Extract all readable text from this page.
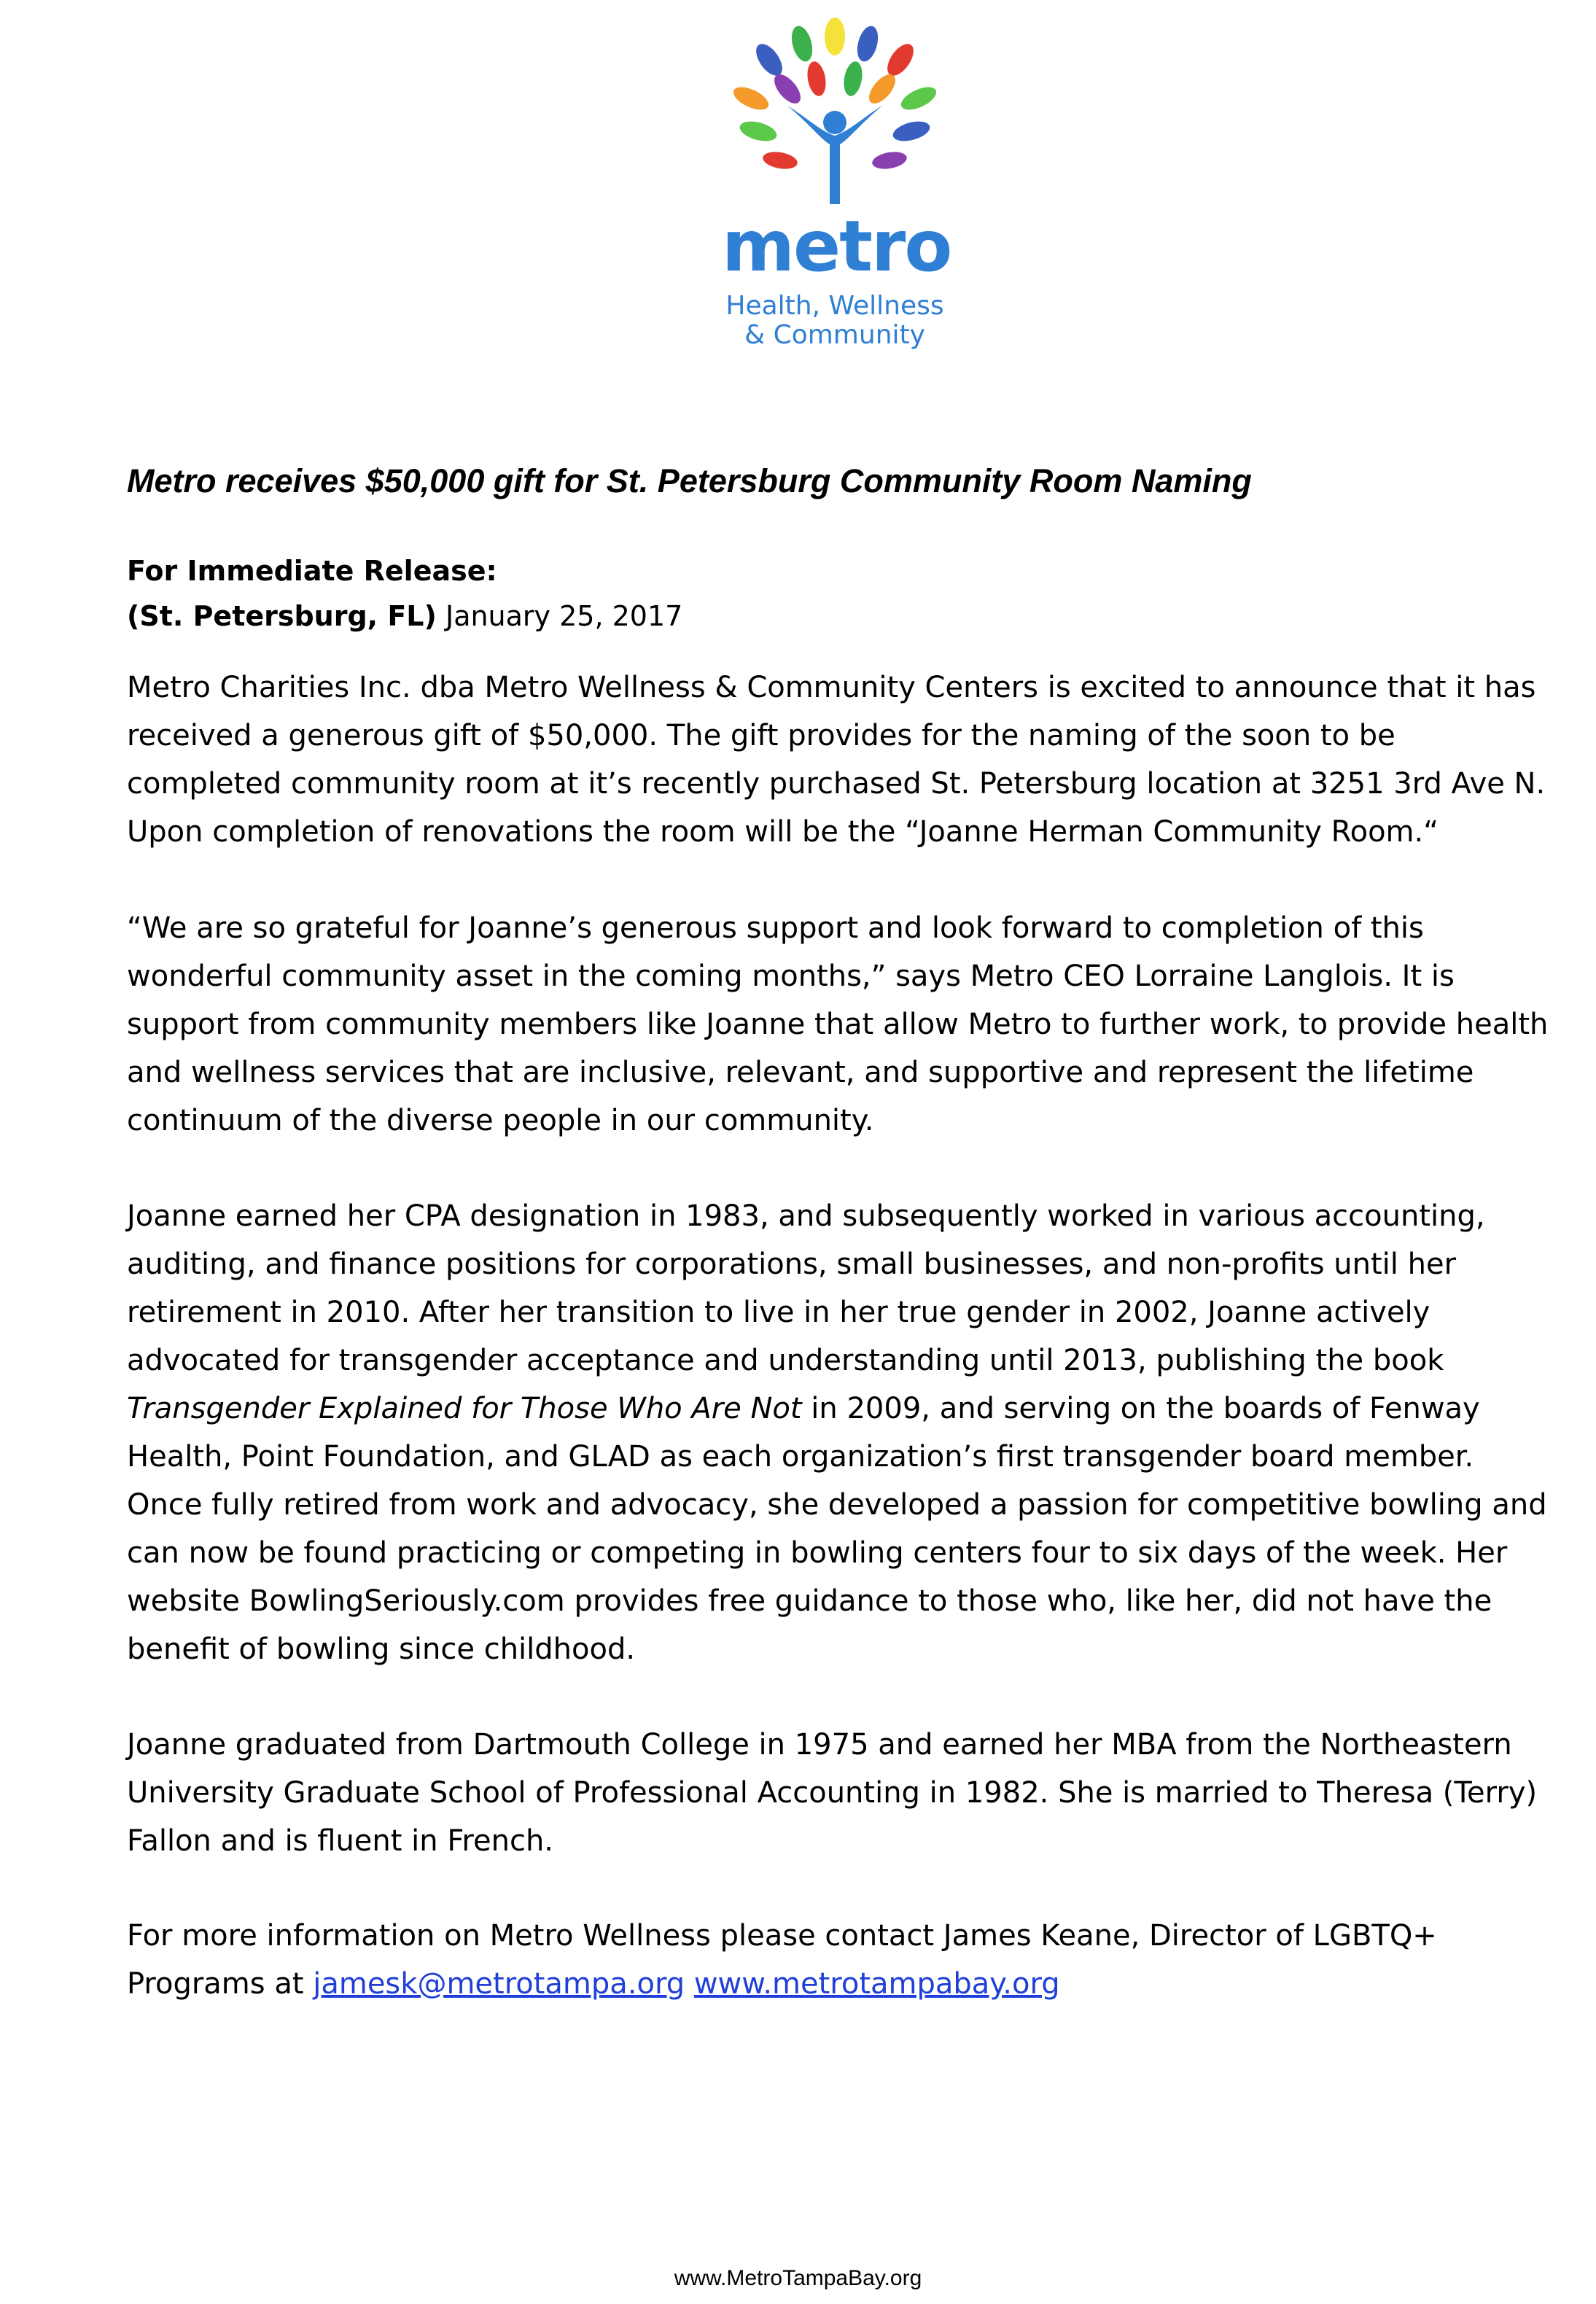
metro
Health, Wellness
& Community
Metro receives $50,000 gift for St. Petersburg Community Room Naming
For Immediate Release:
(St. Petersburg, FL) January 25, 2017

Metro Charities Inc. dba Metro Wellness & Community Centers is excited to announce that it has received a generous gift of $50,000. The gift provides for the naming of the soon to be completed community room at it’s recently purchased St. Petersburg location at 3251 3rd Ave N. Upon completion of renovations the room will be the “Joanne Herman Community Room.“

“We are so grateful for Joanne’s generous support and look forward to completion of this wonderful community asset in the coming months,” says Metro CEO Lorraine Langlois. It is support from community members like Joanne that allow Metro to further work, to provide health and wellness services that are inclusive, relevant, and supportive and represent the lifetime continuum of the diverse people in our community.

Joanne earned her CPA designation in 1983, and subsequently worked in various accounting, auditing, and finance positions for corporations, small businesses, and non-profits until her retirement in 2010. After her transition to live in her true gender in 2002, Joanne actively advocated for transgender acceptance and understanding until 2013, publishing the book Transgender Explained for Those Who Are Not in 2009, and serving on the boards of Fenway Health, Point Foundation, and GLAD as each organization’s first transgender board member. Once fully retired from work and advocacy, she developed a passion for competitive bowling and can now be found practicing or competing in bowling centers four to six days of the week. Her website BowlingSeriously.com provides free guidance to those who, like her, did not have the benefit of bowling since childhood.

Joanne graduated from Dartmouth College in 1975 and earned her MBA from the Northeastern University Graduate School of Professional Accounting in 1982. She is married to Theresa (Terry) Fallon and is fluent in French.

For more information on Metro Wellness please contact James Keane, Director of LGBTQ+ Programs at jamesk@metrotampa.org www.metrotampabay.org

www.MetroTampaBay.org
